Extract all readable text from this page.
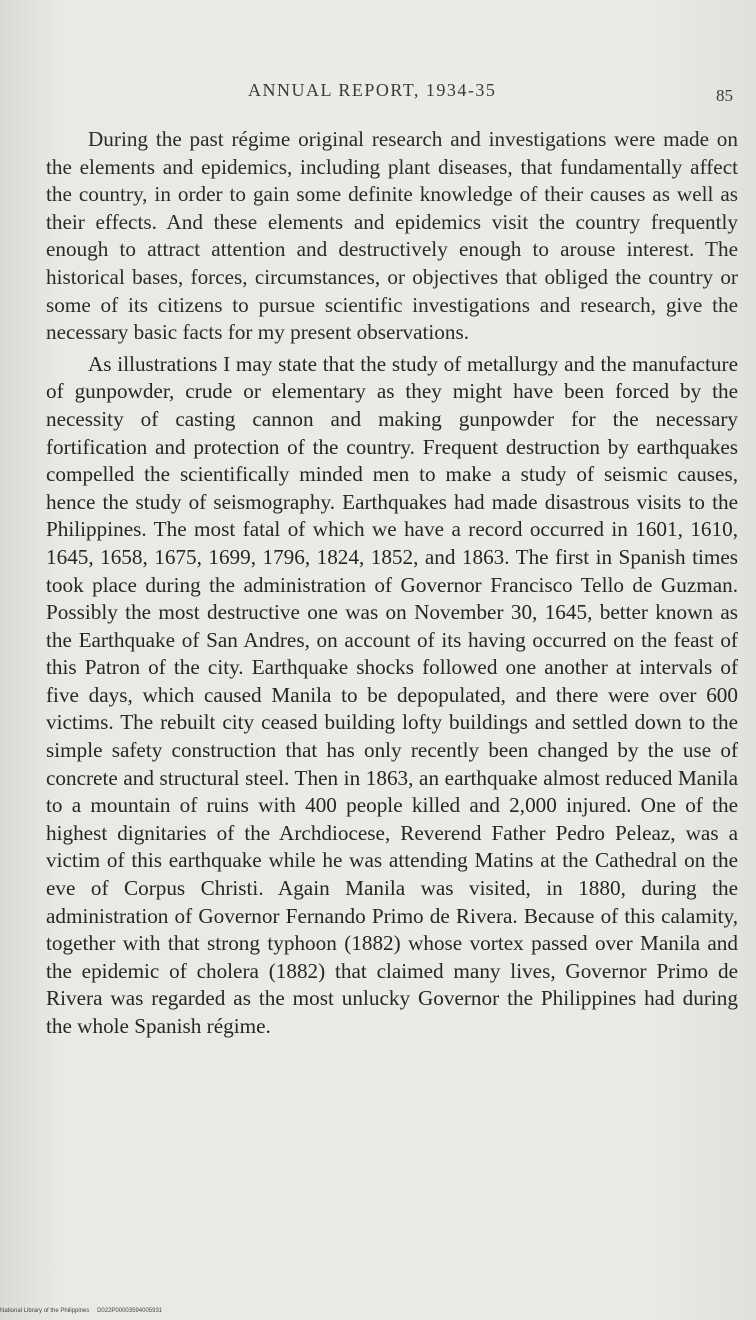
ANNUAL REPORT, 1934-35	85

During the past régime original research and investigations were made on the elements and epidemics, including plant diseases, that fundamentally affect the country, in order to gain some definite knowledge of their causes as well as their effects. And these elements and epidemics visit the country frequently enough to attract attention and destructively enough to arouse interest. The historical bases, forces, circumstances, or objectives that obliged the country or some of its citizens to pursue scientific investigations and research, give the necessary basic facts for my present observations.

As illustrations I may state that the study of metallurgy and the manufacture of gunpowder, crude or elementary as they might have been forced by the necessity of casting cannon and making gunpowder for the necessary fortification and protection of the country. Frequent destruction by earthquakes compelled the scientifically minded men to make a study of seismic causes, hence the study of seismography. Earthquakes had made disastrous visits to the Philippines. The most fatal of which we have a record occurred in 1601, 1610, 1645, 1658, 1675, 1699, 1796, 1824, 1852, and 1863. The first in Spanish times took place during the administration of Governor Francisco Tello de Guzman. Possibly the most destructive one was on November 30, 1645, better known as the Earthquake of San Andres, on account of its having occurred on the feast of this Patron of the city. Earthquake shocks followed one another at intervals of five days, which caused Manila to be depopulated, and there were over 600 victims. The rebuilt city ceased building lofty buildings and settled down to the simple safety construction that has only recently been changed by the use of concrete and structural steel. Then in 1863, an earthquake almost reduced Manila to a mountain of ruins with 400 people killed and 2,000 injured. One of the highest dignitaries of the Archdiocese, Reverend Father Pedro Peleaz, was a victim of this earthquake while he was attending Matins at the Cathedral on the eve of Corpus Christi. Again Manila was visited, in 1880, during the administration of Governor Fernando Primo de Rivera. Because of this calamity, together with that strong typhoon (1882) whose vortex passed over Manila and the epidemic of cholera (1882) that claimed many lives, Governor Primo de Rivera was regarded as the most unlucky Governor the Philippines had during the whole Spanish régime.

National Library of the Philippines D022P00003594005931
